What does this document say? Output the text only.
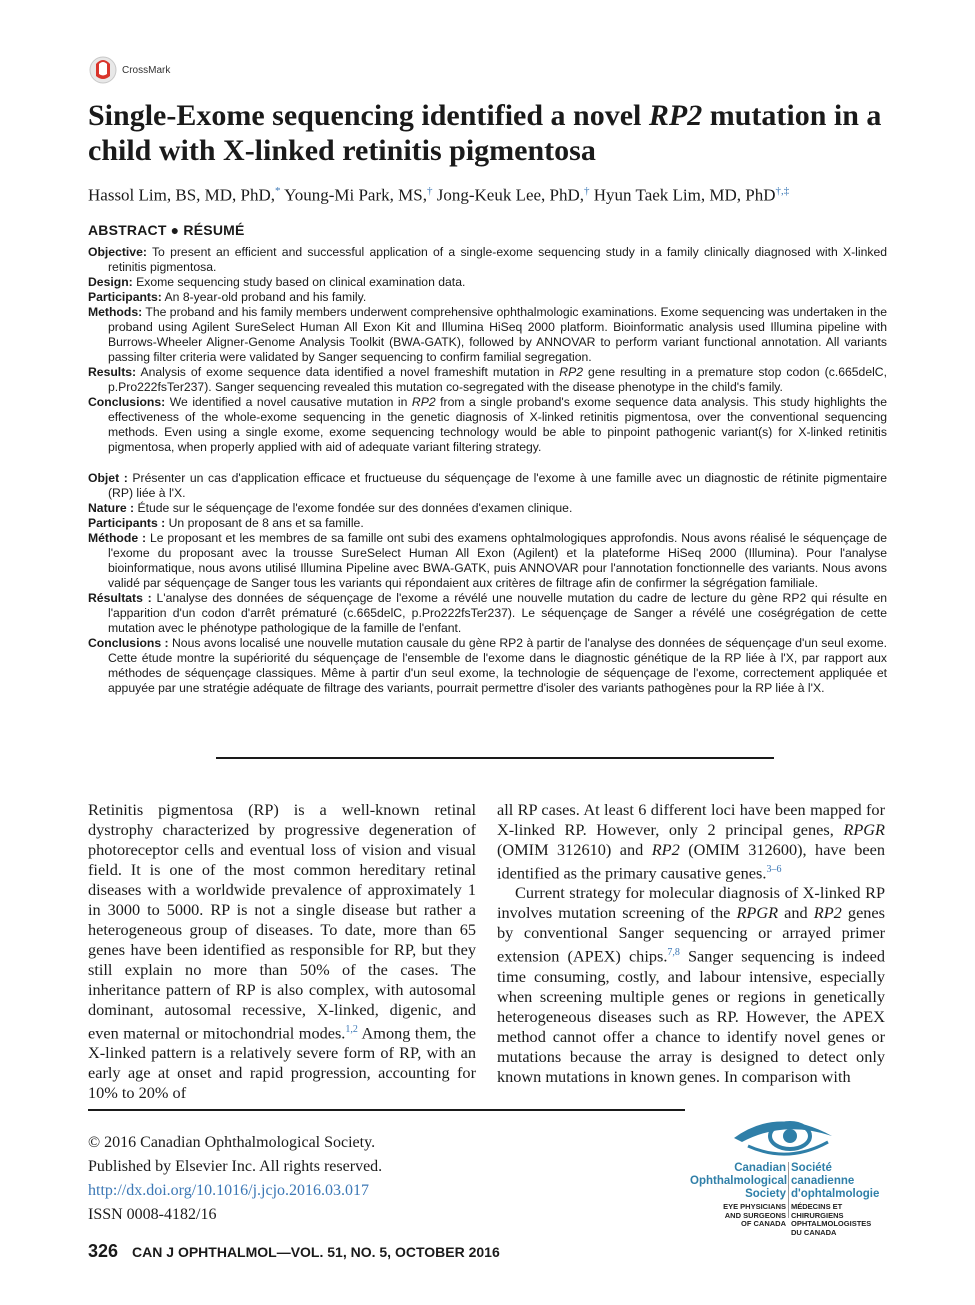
CrossMark
Single-Exome sequencing identified a novel RP2 mutation in a child with X-linked retinitis pigmentosa
Hassol Lim, BS, MD, PhD,* Young-Mi Park, MS,† Jong-Keuk Lee, PhD,† Hyun Taek Lim, MD, PhD†,‡
ABSTRACT ● RÉSUMÉ

Objective: To present an efficient and successful application of a single-exome sequencing study in a family clinically diagnosed with X-linked retinitis pigmentosa.

Design: Exome sequencing study based on clinical examination data.

Participants: An 8-year-old proband and his family.

Methods: The proband and his family members underwent comprehensive ophthalmologic examinations. Exome sequencing was undertaken in the proband using Agilent SureSelect Human All Exon Kit and Illumina HiSeq 2000 platform. Bioinformatic analysis used Illumina pipeline with Burrows-Wheeler Aligner-Genome Analysis Toolkit (BWA-GATK), followed by ANNOVAR to perform variant functional annotation. All variants passing filter criteria were validated by Sanger sequencing to confirm familial segregation.

Results: Analysis of exome sequence data identified a novel frameshift mutation in RP2 gene resulting in a premature stop codon (c.665delC, p.Pro222fsTer237). Sanger sequencing revealed this mutation co-segregated with the disease phenotype in the child's family.

Conclusions: We identified a novel causative mutation in RP2 from a single proband's exome sequence data analysis. This study highlights the effectiveness of the whole-exome sequencing in the genetic diagnosis of X-linked retinitis pigmentosa, over the conventional sequencing methods. Even using a single exome, exome sequencing technology would be able to pinpoint pathogenic variant(s) for X-linked retinitis pigmentosa, when properly applied with aid of adequate variant filtering strategy.

Objet : Présenter un cas d'application efficace et fructueuse du séquençage de l'exome à une famille avec un diagnostic de rétinite pigmentaire (RP) liée à l'X.

Nature : Étude sur le séquençage de l'exome fondée sur des données d'examen clinique.

Participants : Un proposant de 8 ans et sa famille.

Méthode : Le proposant et les membres de sa famille ont subi des examens ophtalmologiques approfondis. Nous avons réalisé le séquençage de l'exome du proposant avec la trousse SureSelect Human All Exon (Agilent) et la plateforme HiSeq 2000 (Illumina). Pour l'analyse bioinformatique, nous avons utilisé Illumina Pipeline avec BWA-GATK, puis ANNOVAR pour l'annotation fonctionnelle des variants. Nous avons validé par séquençage de Sanger tous les variants qui répondaient aux critères de filtrage afin de confirmer la ségrégation familiale.

Résultats : L'analyse des données de séquençage de l'exome a révélé une nouvelle mutation du cadre de lecture du gène RP2 qui résulte en l'apparition d'un codon d'arrêt prématuré (c.665delC, p.Pro222fsTer237). Le séquençage de Sanger a révélé une coségrégation de cette mutation avec le phénotype pathologique de la famille de l'enfant.

Conclusions : Nous avons localisé une nouvelle mutation causale du gène RP2 à partir de l'analyse des données de séquençage d'un seul exome. Cette étude montre la supériorité du séquençage de l'ensemble de l'exome dans le diagnostic génétique de la RP liée à l'X, par rapport aux méthodes de séquençage classiques. Même à partir d'un seul exome, la technologie de séquençage de l'exome, correctement appliquée et appuyée par une stratégie adéquate de filtrage des variants, pourrait permettre d'isoler des variants pathogènes pour la RP liée à l'X.

Retinitis pigmentosa (RP) is a well-known retinal dystrophy characterized by progressive degeneration of photoreceptor cells and eventual loss of vision and visual field. It is one of the most common hereditary retinal diseases with a worldwide prevalence of approximately 1 in 3000 to 5000. RP is not a single disease but rather a heterogeneous group of diseases. To date, more than 65 genes have been identified as responsible for RP, but they still explain no more than 50% of the cases. The inheritance pattern of RP is also complex, with autosomal dominant, autosomal recessive, X-linked, digenic, and even maternal or mitochondrial modes.$^{1,2}$ Among them, the X-linked pattern is a relatively severe form of RP, with an early age at onset and rapid progression, accounting for 10% to 20% of

all RP cases. At least 6 different loci have been mapped for X-linked RP. However, only 2 principal genes, RPGR (OMIM 312610) and RP2 (OMIM 312600), have been identified as the primary causative genes.$^{3-6}$

Current strategy for molecular diagnosis of X-linked RP involves mutation screening of the RPGR and RP2 genes by conventional Sanger sequencing or arrayed primer extension (APEX) chips.$^{7,8}$ Sanger sequencing is indeed time consuming, costly, and labour intensive, especially when screening multiple genes or regions in genetically heterogeneous diseases such as RP. However, the APEX method cannot offer a chance to identify novel genes or mutations because the array is designed to detect only known mutations in known genes. In comparison with

© 2016 Canadian Ophthalmological Society.
Published by Elsevier Inc. All rights reserved.
http://dx.doi.org/10.1016/j.jcjo.2016.03.017
ISSN 0008-4182/16
Canadian
Ophthalmological
Society
Société
canadienne
d'ophtalmologie
EYE PHYSICIANS
AND SURGEONS
OF CANADA
MÉDECINS ET CHIRURGIENS
OPHTALMOLOGISTES
DU CANADA
326 CAN J OPHTHALMOL—VOL. 51, NO. 5, OCTOBER 2016
